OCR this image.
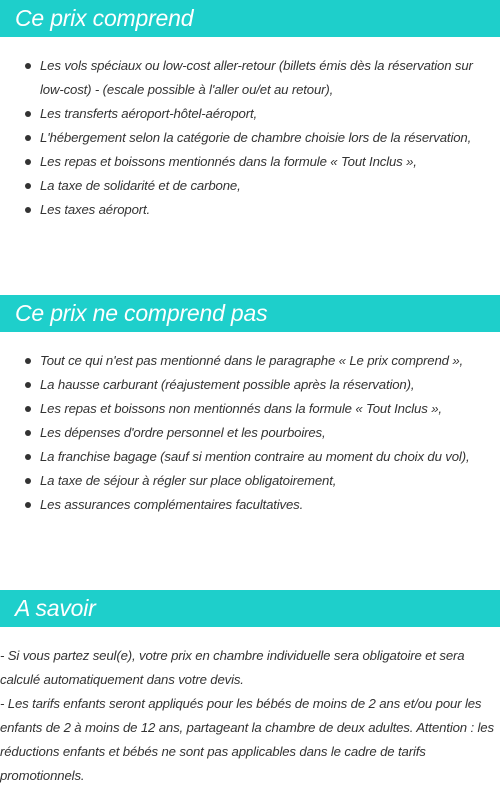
Ce prix comprend
Les vols spéciaux ou low-cost aller-retour (billets émis dès la réservation sur low-cost) - (escale possible à l'aller ou/et au retour),
Les transferts aéroport-hôtel-aéroport,
L'hébergement selon la catégorie de chambre choisie lors de la réservation,
Les repas et boissons mentionnés dans la formule « Tout Inclus »,
La taxe de solidarité et de carbone,
Les taxes aéroport.
Ce prix ne comprend pas
Tout ce qui n'est pas mentionné dans le paragraphe « Le prix comprend »,
La hausse carburant (réajustement possible après la réservation),
Les repas et boissons non mentionnés dans la formule « Tout Inclus »,
Les dépenses d'ordre personnel et les pourboires,
La franchise bagage (sauf si mention contraire au moment du choix du vol),
La taxe de séjour à régler sur place obligatoirement,
Les assurances complémentaires facultatives.
A savoir

- Si vous partez seul(e), votre prix en chambre individuelle sera obligatoire et sera calculé automatiquement dans votre devis.

- Les tarifs enfants seront appliqués pour les bébés de moins de 2 ans et/ou pour les enfants de 2 à moins de 12 ans, partageant la chambre de deux adultes. Attention : les réductions enfants et bébés ne sont pas applicables dans le cadre de tarifs promotionnels.
